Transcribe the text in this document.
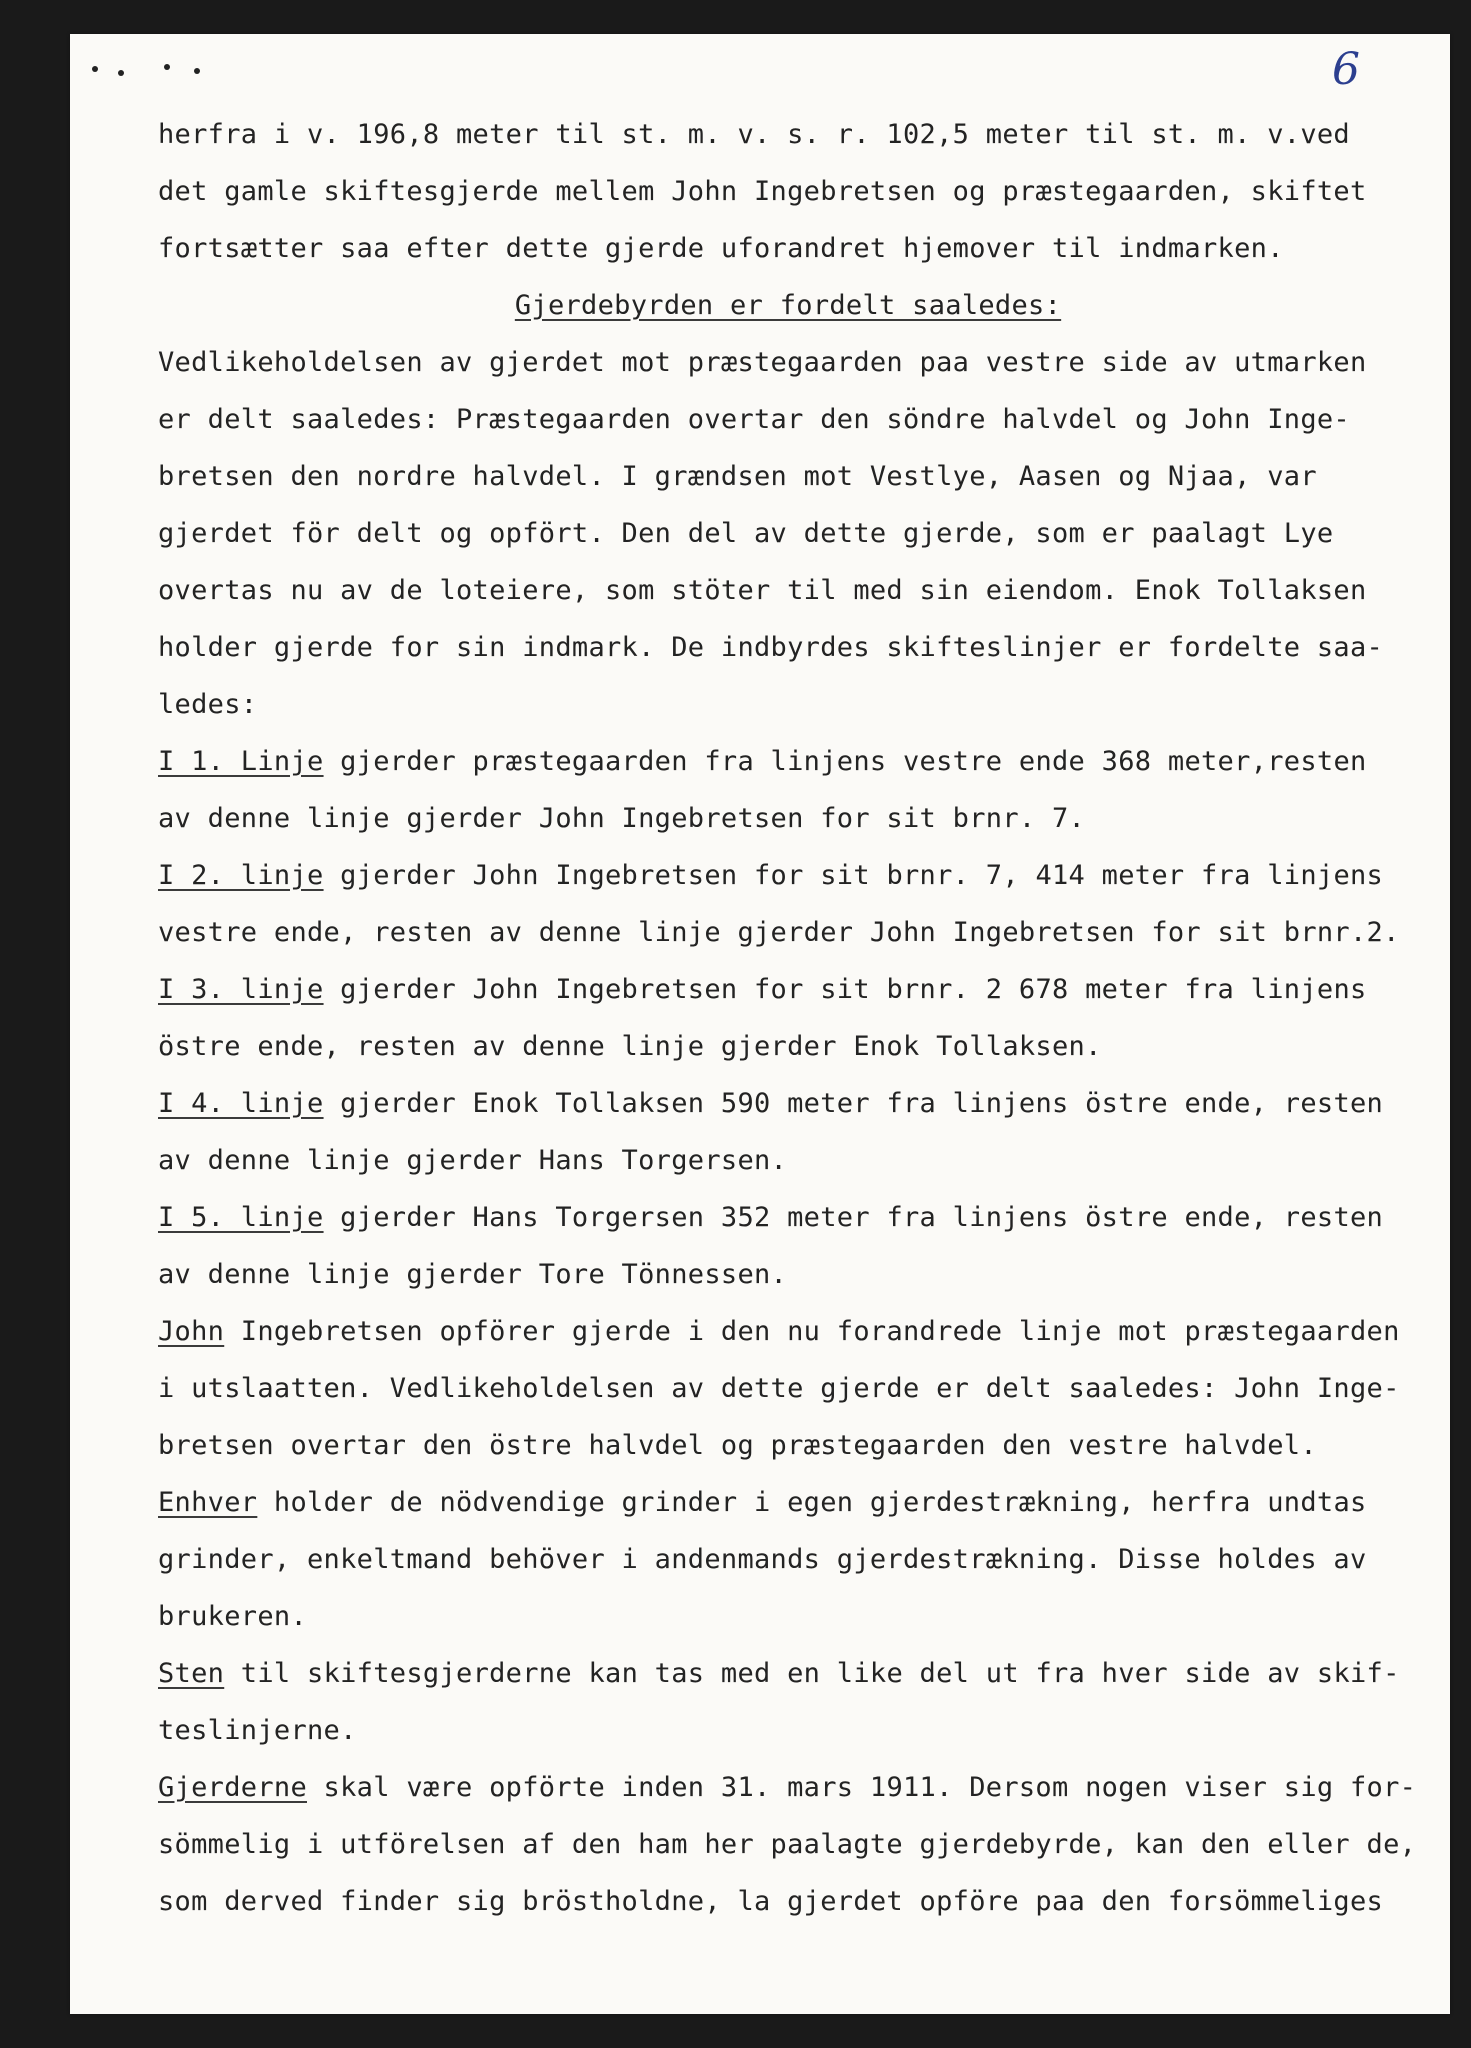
6
herfra i v. 196,8 meter til st. m. v. s. r. 102,5 meter til st. m. v.ved
det gamle skiftesgjerde mellem John Ingebretsen og præstegaarden, skiftet
fortsætter saa efter dette gjerde uforandret hjemover til indmarken.
Gjerdebyrden er fordelt saaledes:
Vedlikeholdelsen av gjerdet mot præstegaarden paa vestre side av utmarken
er delt saaledes: Præstegaarden overtar den söndre halvdel og John Inge-
bretsen den nordre halvdel. I grændsen mot Vestlye, Aasen og Njaa, var
gjerdet för delt og opfört. Den del av dette gjerde, som er paalagt Lye
overtas nu av de loteiere, som stöter til med sin eiendom. Enok Tollaksen
holder gjerde for sin indmark. De indbyrdes skifteslinjer er fordelte saa-
ledes:
I 1. Linje gjerder præstegaarden fra linjens vestre ende 368 meter,resten
av denne linje gjerder John Ingebretsen for sit brnr. 7.
I 2. linje gjerder John Ingebretsen for sit brnr. 7, 414 meter fra linjens
vestre ende, resten av denne linje gjerder John Ingebretsen for sit brnr.2.
I 3. linje gjerder John Ingebretsen for sit brnr. 2 678 meter fra linjens
östre ende, resten av denne linje gjerder Enok Tollaksen.
I 4. linje gjerder Enok Tollaksen 590 meter fra linjens östre ende, resten
av denne linje gjerder Hans Torgersen.
I 5. linje gjerder Hans Torgersen 352 meter fra linjens östre ende, resten
av denne linje gjerder Tore Tönnessen.
John Ingebretsen opförer gjerde i den nu forandrede linje mot præstegaarden
i utslaatten. Vedlikeholdelsen av dette gjerde er delt saaledes: John Inge-
bretsen overtar den östre halvdel og præstegaarden den vestre halvdel.
Enhver holder de nödvendige grinder i egen gjerdestrækning, herfra undtas
grinder, enkeltmand behöver i andenmands gjerdestrækning. Disse holdes av
brukeren.
Sten til skiftesgjerderne kan tas med en like del ut fra hver side av skif-
teslinjerne.
Gjerderne skal være opförte inden 31. mars 1911. Dersom nogen viser sig for-
sömmelig i utförelsen af den ham her paalagte gjerdebyrde, kan den eller de,
som derved finder sig bröstholdne, la gjerdet opföre paa den forsömmeliges
